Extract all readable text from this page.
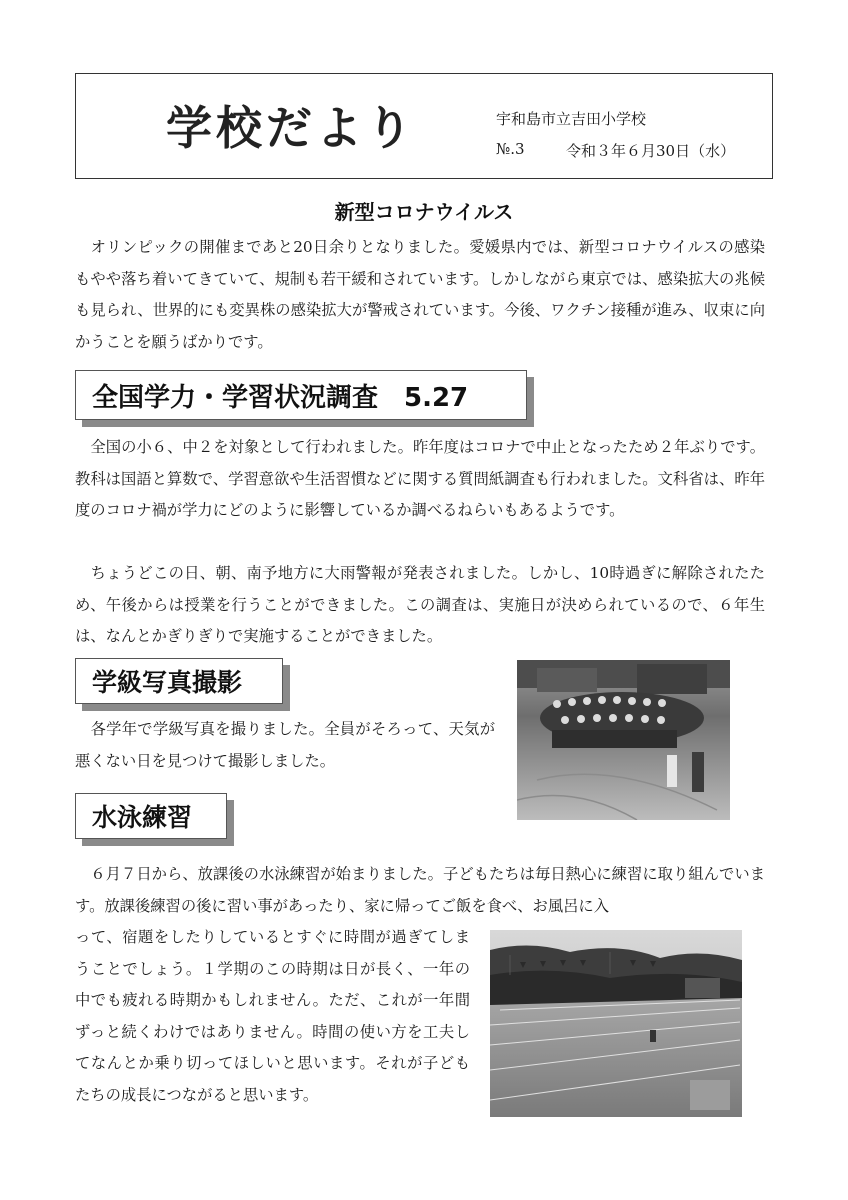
学校だより	宇和島市立吉田小学校
№.3	令和３年６月30日（水）
新型コロナウイルス
　オリンピックの開催まであと20日余りとなりました。愛媛県内では、新型コロナウイルスの感染もやや落ち着いてきていて、規制も若干緩和されています。しかしながら東京では、感染拡大の兆候も見られ、世界的にも変異株の感染拡大が警戒されています。今後、ワクチン接種が進み、収束に向かうことを願うばかりです。
全国学力・学習状況調査　5.27
　全国の小６、中２を対象として行われました。昨年度はコロナで中止となったため２年ぶりです。教科は国語と算数で、学習意欲や生活習慣などに関する質問紙調査も行われました。文科省は、昨年度のコロナ禍が学力にどのように影響しているか調べるねらいもあるようです。
　ちょうどこの日、朝、南予地方に大雨警報が発表されました。しかし、10時過ぎに解除されたため、午後からは授業を行うことができました。この調査は、実施日が決められているので、６年生は、なんとかぎりぎりで実施することができました。
学級写真撮影
　各学年で学級写真を撮りました。全員がそろって、天気が悪くない日を見つけて撮影しました。
水泳練習
　６月７日から、放課後の水泳練習が始まりました。子どもたちは毎日熱心に練習に取り組んでいます。放課後練習の後に習い事があったり、家に帰ってご飯を食べ、お風呂に入
って、宿題をしたりしているとすぐに時間が過ぎてしまうことでしょう。１学期のこの時期は日が長く、一年の中でも疲れる時期かもしれません。ただ、これが一年間ずっと続くわけではありません。時間の使い方を工夫してなんとか乗り切ってほしいと思います。それが子どもたちの成長につながると思います。
